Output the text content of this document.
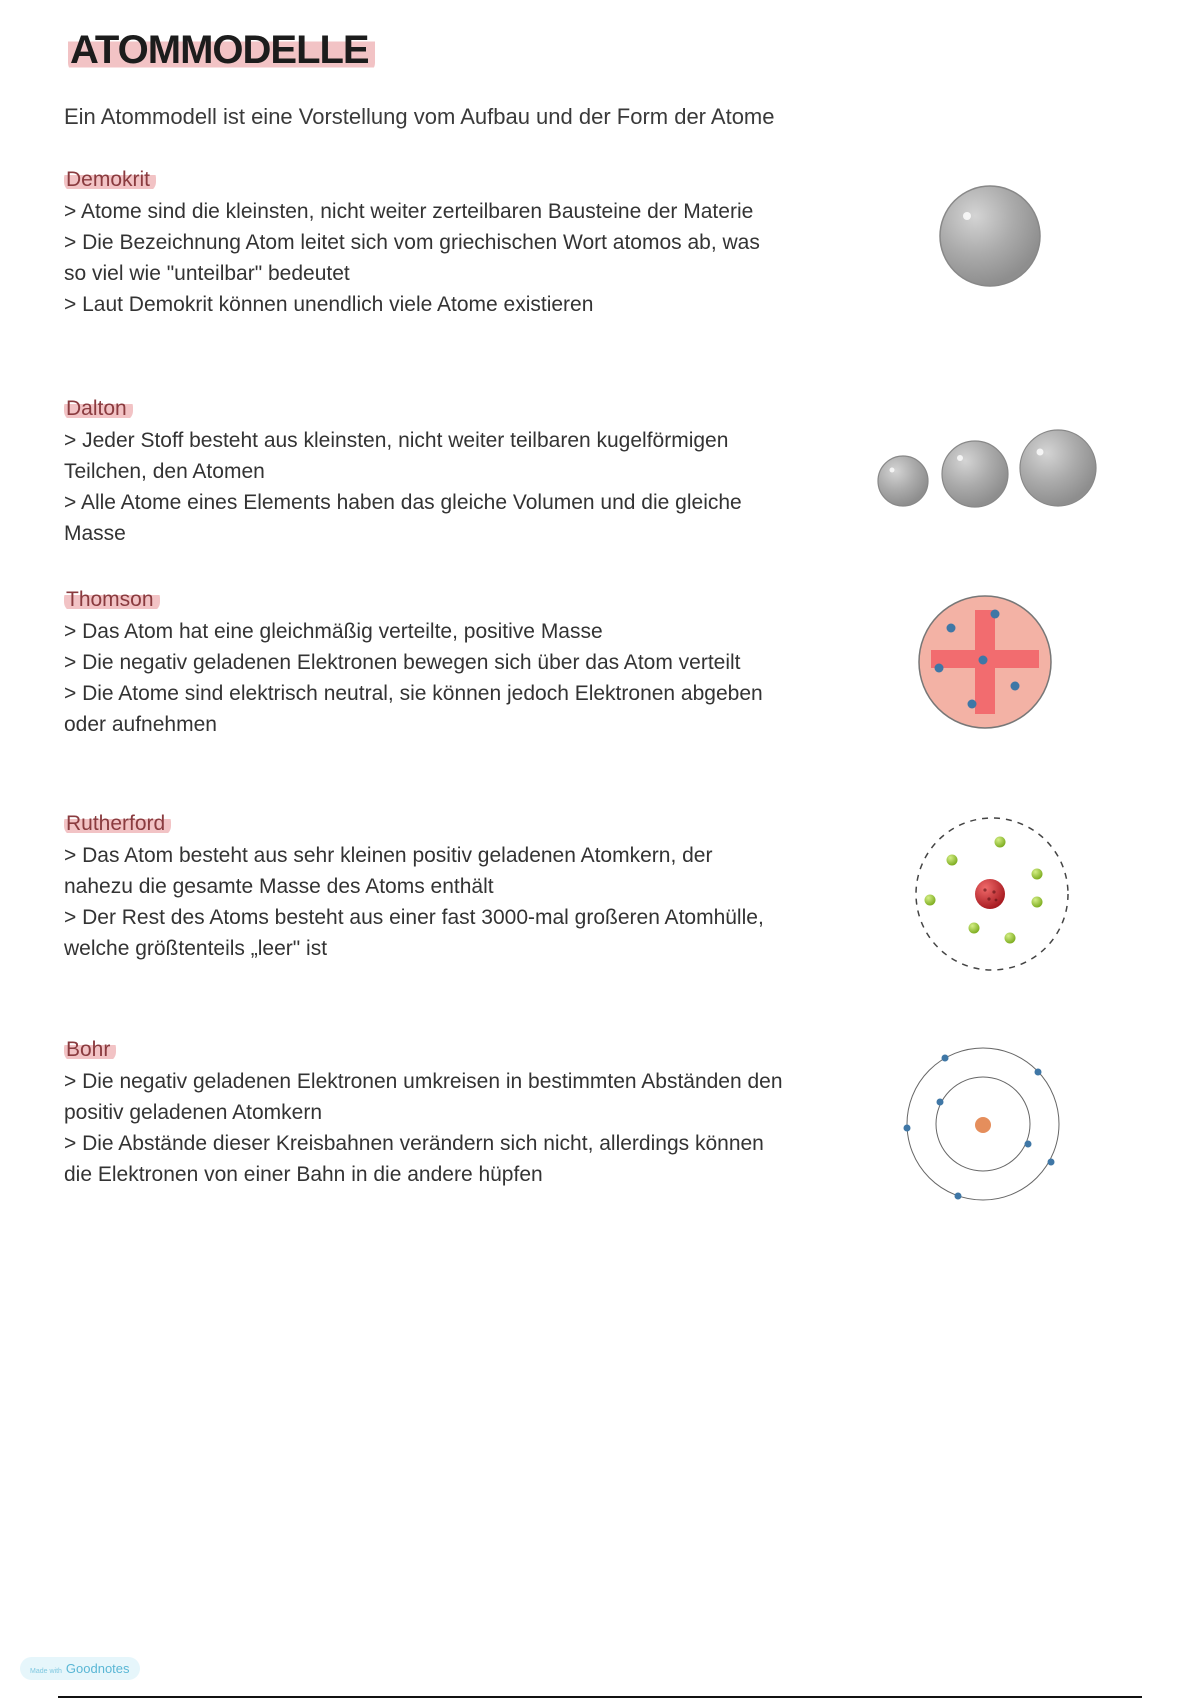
ATOMMODELLE
Ein Atommodell ist eine Vorstellung vom Aufbau und der Form der Atome
Demokrit

> Atome sind die kleinsten, nicht weiter zerteilbaren Bausteine der Materie

> Die Bezeichnung Atom leitet sich vom griechischen Wort atomos ab, was so viel wie "unteilbar" bedeutet

> Laut Demokrit können unendlich viele Atome existieren

Dalton

> Jeder Stoff besteht aus kleinsten, nicht weiter teilbaren kugelförmigen Teilchen, den Atomen

> Alle Atome eines Elements haben das gleiche Volumen und die gleiche Masse

Thomson

> Das Atom hat eine gleichmäßig verteilte, positive Masse

> Die negativ geladenen Elektronen bewegen sich über das Atom verteilt

> Die Atome sind elektrisch neutral, sie können jedoch Elektronen abgeben oder aufnehmen

Rutherford

> Das Atom besteht aus sehr kleinen positiv geladenen Atomkern, der nahezu die gesamte Masse des Atoms enthält

> Der Rest des Atoms besteht aus einer fast 3000-mal großeren Atomhülle, welche größtenteils „leer" ist

Bohr

> Die negativ geladenen Elektronen umkreisen in bestimmten Abständen den positiv geladenen Atomkern

> Die Abstände dieser Kreisbahnen verändern sich nicht, allerdings können die Elektronen von einer Bahn in die andere hüpfen

Made with Goodnotes
